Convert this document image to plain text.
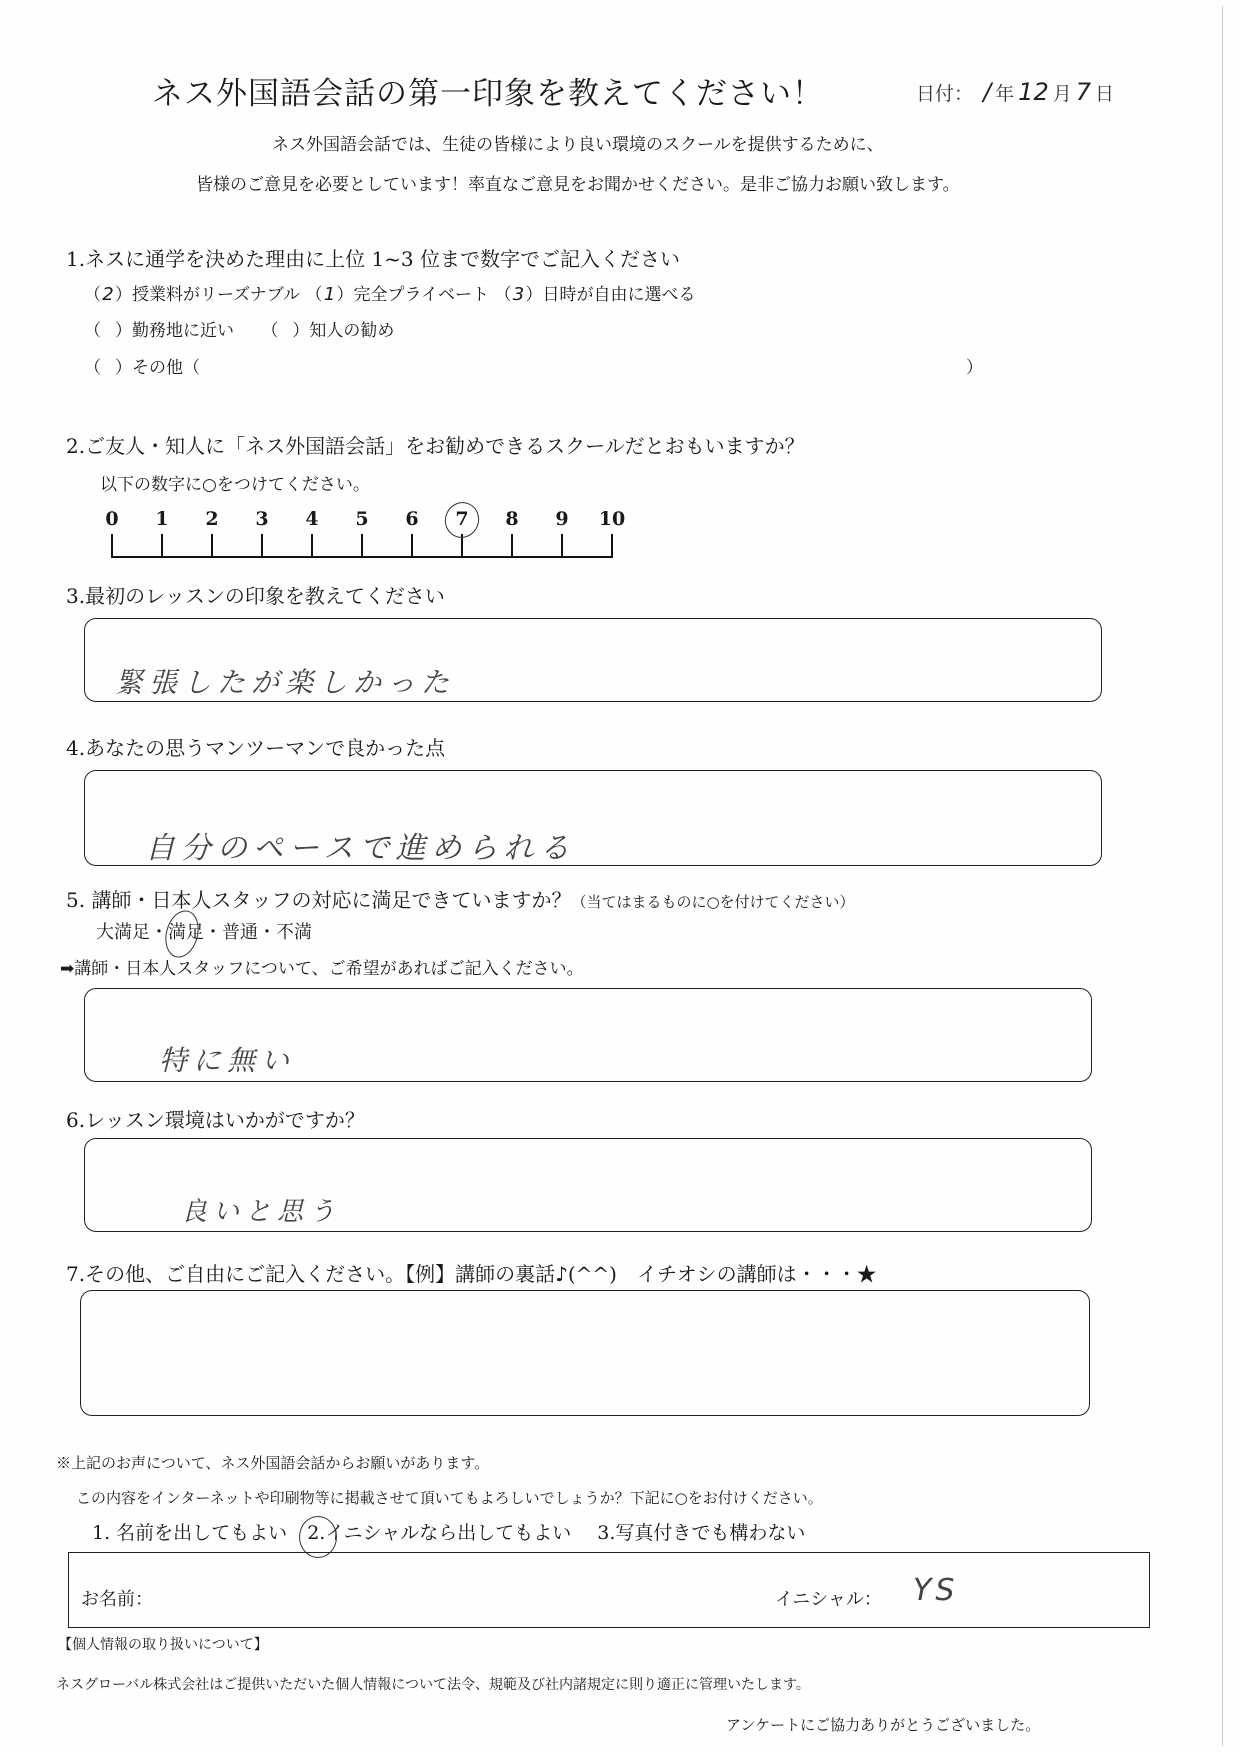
ネス外国語会話の第一印象を教えてください！	日付： / 年 12 月 7 日
ネス外国語会話では、生徒の皆様により良い環境のスクールを提供するために、
皆様のご意見を必要としています！率直なご意見をお聞かせください。是非ご協力お願い致します。
1.ネスに通学を決めた理由に上位 1~3 位まで数字でご記入ください
（2）授業料がリーズナブル （1）完全プライベート （3）日時が自由に選べる
（ ）勤務地に近い （ ）知人の勧め
（ ）その他（	）
2.ご友人・知人に「ネス外国語会話」をお勧めできるスクールだとおもいますか？
以下の数字に○をつけてください。
0	1	2	3	4	5	6	7	8	9	10
3.最初のレッスンの印象を教えてください
緊張したが楽しかった
4.あなたの思うマンツーマンで良かった点
自分のペースで進められる
5. 講師・日本人スタッフの対応に満足できていますか？（当てはまるものに○を付けてください）
大満足・満足
・普通・不満
➡講師・日本人スタッフについて、ご希望があればご記入ください。
特に無い
6.レッスン環境はいかがですか？
良いと思う
7.その他、ご自由にご記入ください。【例】講師の裏話♪(^^)　イチオシの講師は・・・★
※上記のお声について、ネス外国語会話からお願いがあります。
この内容をインターネットや印刷物等に掲載させて頂いてもよろしいでしょうか？下記に○をお付けください。
1. 名前を出してもよい 2.イニシャルなら出してもよい 3.写真付きでも構わない
お名前：	イニシャル： YS
【個人情報の取り扱いについて】
ネスグローバル株式会社はご提供いただいた個人情報について法令、規範及び社内諸規定に則り適正に管理いたします。
アンケートにご協力ありがとうございました。
